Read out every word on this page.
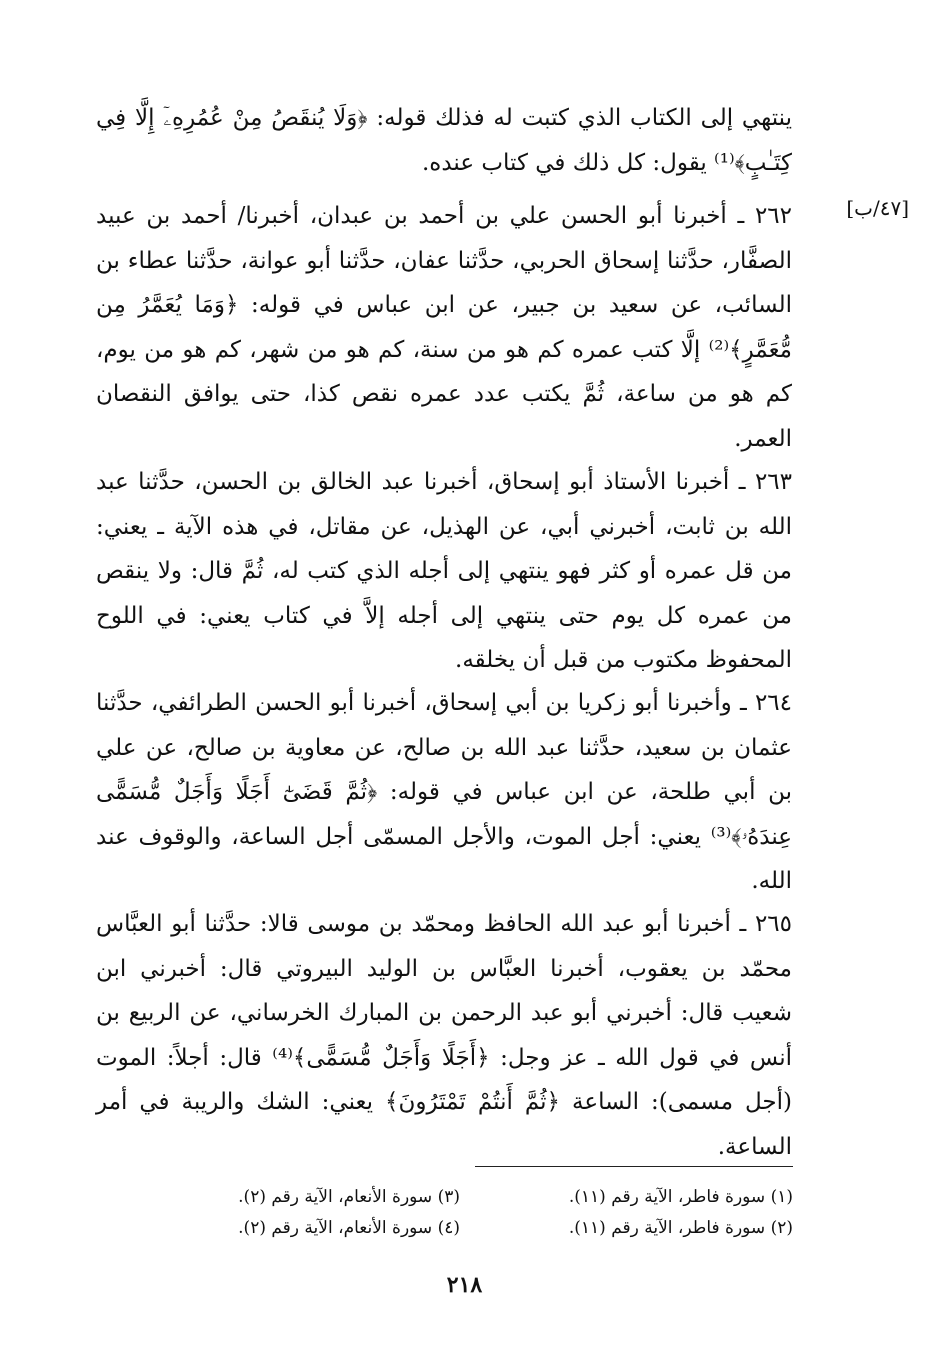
[٤٧/ب]

ينتهي إلى الكتاب الذي كتبت له فذلك قوله: ﴿وَلَا يُنقَصُ مِنْ عُمُرِهِۦٓ إِلَّا فِي كِتَـٰبٍ﴾⁽¹⁾ يقول: كل ذلك في كتاب عنده.

٢٦٢ ـ أخبرنا أبو الحسن علي بن أحمد بن عبدان، أخبرنا/ أحمد بن عبيد الصفَّار، حدَّثنا إسحاق الحربي، حدَّثنا عفان، حدَّثنا أبو عوانة، حدَّثنا عطاء بن السائب، عن سعيد بن جبير، عن ابن عباس في قوله: ﴿وَمَا يُعَمَّرُ مِن مُّعَمَّرٍ﴾⁽²⁾ إلَّا كتب عمره كم هو من سنة، كم هو من شهر، كم هو من يوم، كم هو من ساعة، ثُمَّ يكتب عدد عمره نقص كذا، حتى يوافق النقصان العمر.

٢٦٣ ـ أخبرنا الأستاذ أبو إسحاق، أخبرنا عبد الخالق بن الحسن، حدَّثنا عبد الله بن ثابت، أخبرني أبي، عن الهذيل، عن مقاتل، في هذه الآية ـ يعني: من قل عمره أو كثر فهو ينتهي إلى أجله الذي كتب له، ثُمَّ قال: ولا ينقص من عمره كل يوم حتى ينتهي إلى أجله إلاَّ في كتاب يعني: في اللوح المحفوظ مكتوب من قبل أن يخلقه.

٢٦٤ ـ وأخبرنا أبو زكريا بن أبي إسحاق، أخبرنا أبو الحسن الطرائفي، حدَّثنا عثمان بن سعيد، حدَّثنا عبد الله بن صالح، عن معاوية بن صالح، عن علي بن أبي طلحة، عن ابن عباس في قوله: ﴿ثُمَّ قَضَىٰٓ أَجَلًا وَأَجَلٌ مُّسَمًّى عِندَهُۥ﴾⁽³⁾ يعني: أجل الموت، والأجل المسمّى أجل الساعة، والوقوف عند الله.

٢٦٥ ـ أخبرنا أبو عبد الله الحافظ ومحمّد بن موسى قالا: حدَّثنا أبو العبَّاس محمّد بن يعقوب، أخبرنا العبَّاس بن الوليد البيروتي قال: أخبرني ابن شعيب قال: أخبرني أبو عبد الرحمن بن المبارك الخرساني، عن الربيع بن أنس في قول الله ـ عز وجل: ﴿أَجَلًا وَأَجَلٌ مُّسَمًّى﴾⁽⁴⁾ قال: أجلاً: الموت (أجل مسمى): الساعة ﴿ثُمَّ أَنتُمْ تَمْتَرُونَ﴾ يعني: الشك والريبة في أمر الساعة.

(١) سورة فاطر، الآية رقم (١١).
(٣) سورة الأنعام، الآية رقم (٢).
(٢) سورة فاطر، الآية رقم (١١).
(٤) سورة الأنعام، الآية رقم (٢).
٢١٨
